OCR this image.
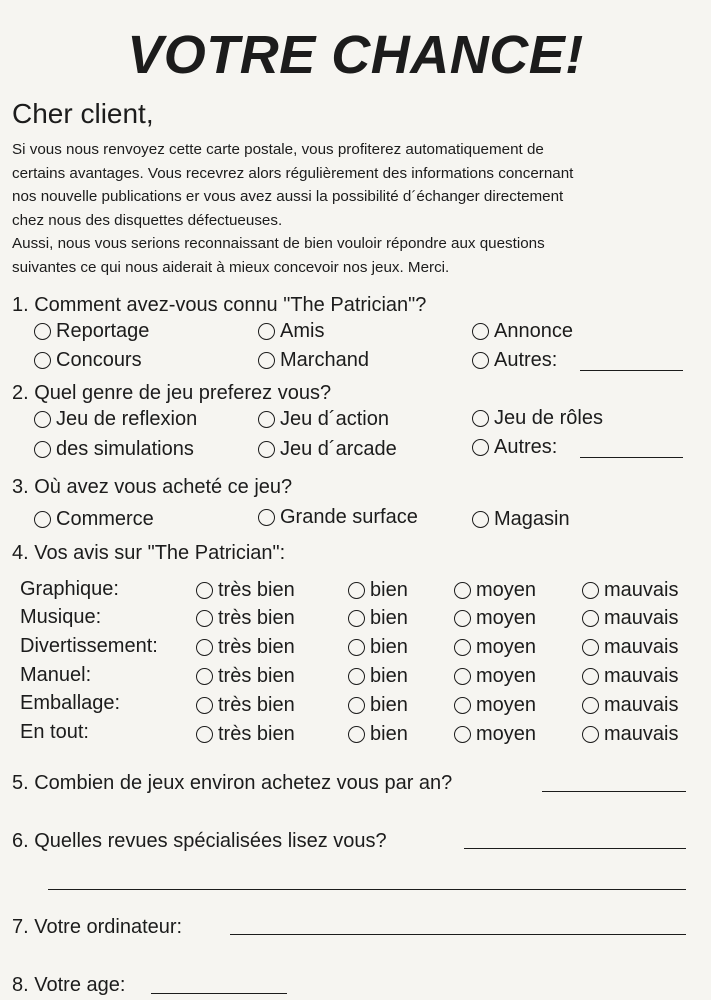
VOTRE CHANCE!
Cher client,
Si vous nous renvoyez cette carte postale, vous profiterez automatiquement de
certains avantages. Vous recevrez alors régulièrement des informations concernant
nos nouvelle publications er vous avez aussi la possibilité d´échanger directement
chez nous des disquettes défectueuses.
Aussi, nous vous serions reconnaissant de bien vouloir répondre aux questions
suivantes ce qui nous aiderait à mieux concevoir nos jeux. Merci.
1. Comment avez-vous connu "The Patrician"?
Reportage	Amis	Annonce
Concours	Marchand	Autres:
2. Quel genre de jeu preferez vous?
Jeu de reflexion	Jeu d´action	Jeu de rôles
des simulations	Jeu d´arcade	Autres:
3. Où avez vous acheté ce jeu?
Commerce	Grande surface	Magasin
4. Vos avis sur "The Patrician":
Graphique:	très bien	bien	moyen	mauvais
Musique:	très bien	bien	moyen	mauvais
Divertissement:	très bien	bien	moyen	mauvais
Manuel:	très bien	bien	moyen	mauvais
Emballage:	très bien	bien	moyen	mauvais
En tout:	très bien	bien	moyen	mauvais
5. Combien de jeux environ achetez vous par an?
6. Quelles revues spécialisées lisez vous?
7. Votre ordinateur:
8. Votre age:
